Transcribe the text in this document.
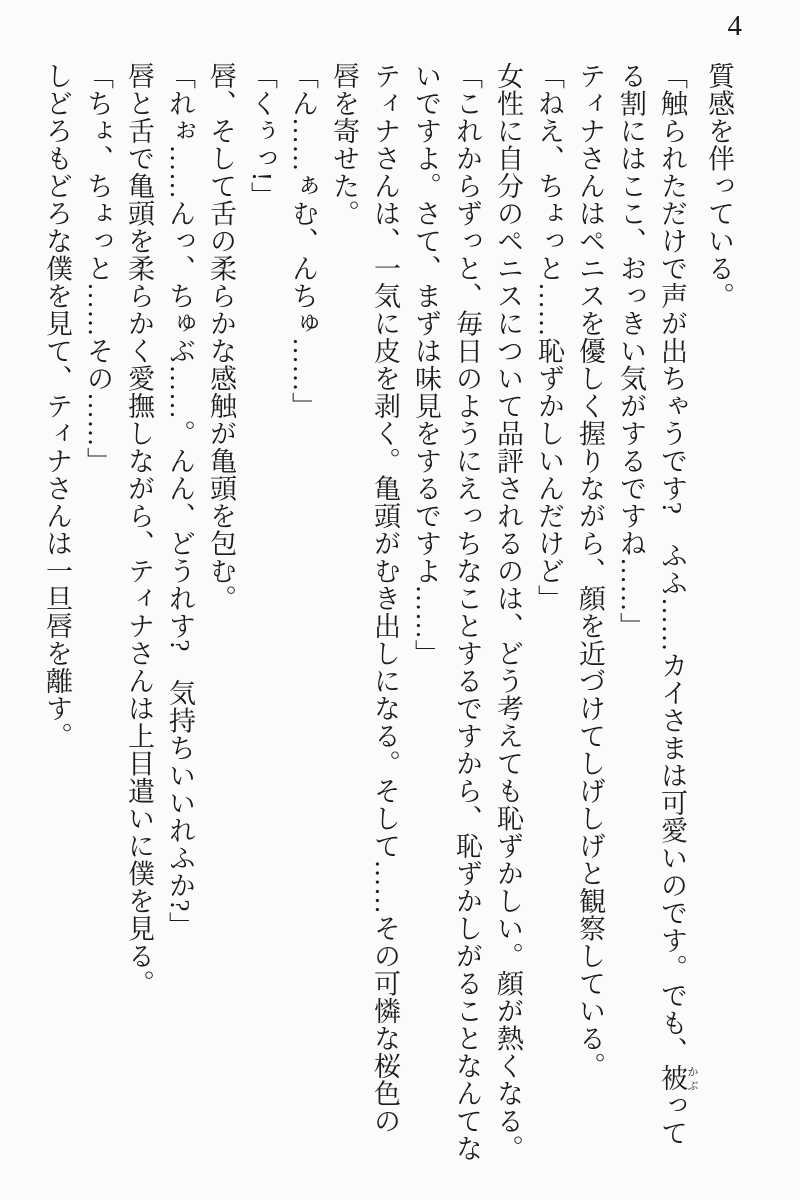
4

質感を伴っている。

「触られただけで声が出ちゃうです?　ふふ……カイさまは可愛いのです。でも、被 かぶって

る割にはここ、おっきい気がするですね……」

ティナさんはペニスを優しく握りながら、顔を近づけてしげしげと観察している。

「ねえ、ちょっと……恥ずかしいんだけど」

女性に自分のペニスについて品評されるのは、どう考えても恥ずかしい。顔が熱くなる。

「これからずっと、毎日のようにえっちなことするですから、恥ずかしがることなんてな

いですよ。さて、まずは味見をするですよ……」

ティナさんは、一気に皮を剥く。亀頭がむき出しになる。そして……その可憐な桜色の

唇を寄せた。

「ん……ぁむ、んちゅ……」

「くぅっ!」

唇、そして舌の柔らかな感触が亀頭を包む。

「れぉ……んっ、ちゅぶ……。んん、どうれす?　気持ちいいれふか?」

唇と舌で亀頭を柔らかく愛撫しながら、ティナさんは上目遣いに僕を見る。

「ちょ、ちょっと……その……」

しどろもどろな僕を見て、ティナさんは一旦唇を離す。
